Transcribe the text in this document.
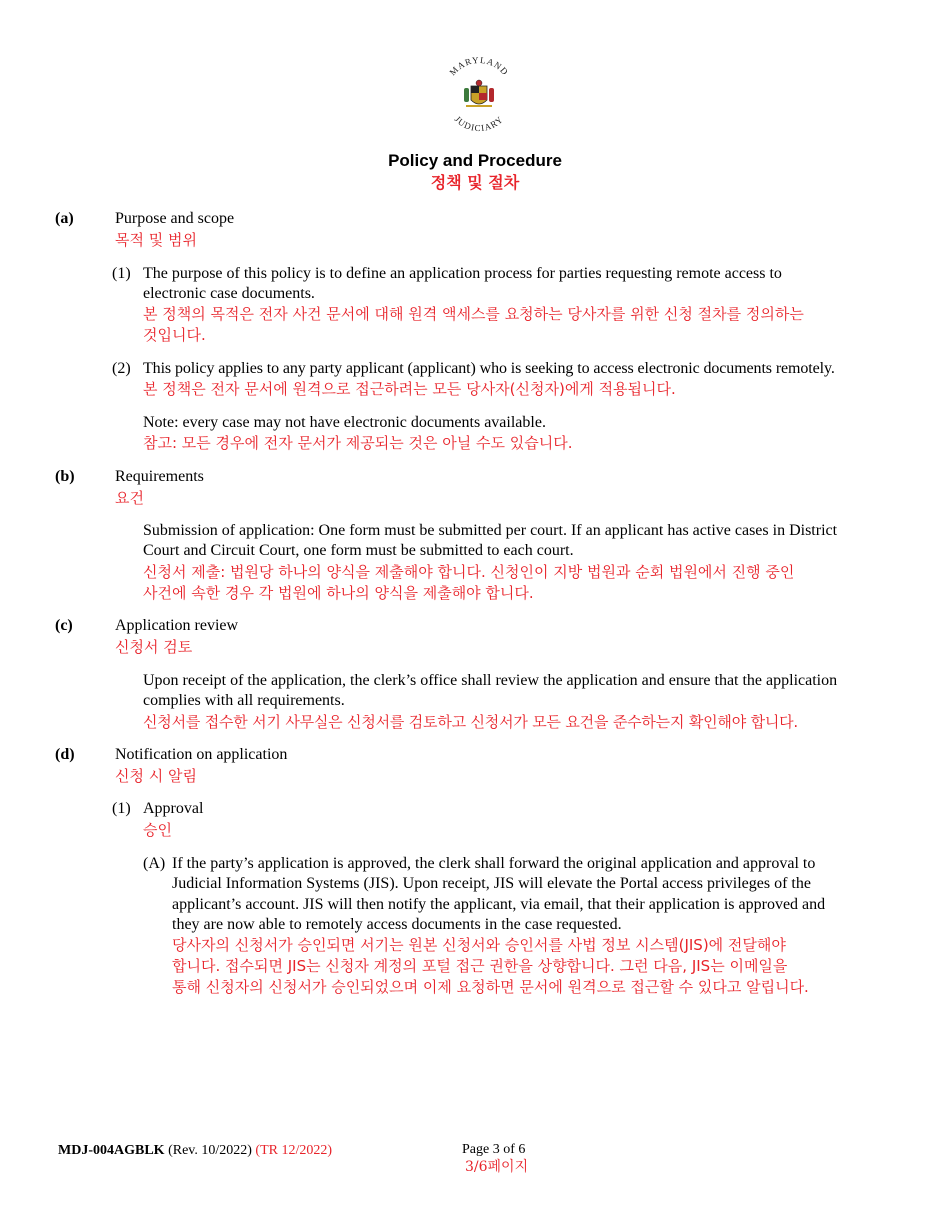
MARYLAND
JUDICIARY
Policy and Procedure
정책 및 절차
(a)	Purpose and scope
목적 및 범위
(1) The purpose of this policy is to define an application process for parties requesting remote access to
electronic case documents.
본 정책의 목적은 전자 사건 문서에 대해 원격 액세스를 요청하는 당사자를 위한 신청 절차를 정의하는
것입니다.
(2) This policy applies to any party applicant (applicant) who is seeking to access electronic documents remotely.
본 정책은 전자 문서에 원격으로 접근하려는 모든 당사자(신청자)에게 적용됩니다.
Note: every case may not have electronic documents available.
참고: 모든 경우에 전자 문서가 제공되는 것은 아닐 수도 있습니다.
(b)	Requirements
요건
Submission of application: One form must be submitted per court. If an applicant has active cases in District
Court and Circuit Court, one form must be submitted to each court.
신청서 제출: 법원당 하나의 양식을 제출해야 합니다. 신청인이 지방 법원과 순회 법원에서 진행 중인
사건에 속한 경우 각 법원에 하나의 양식을 제출해야 합니다.
(c)	Application review
신청서 검토
Upon receipt of the application, the clerk’s office shall review the application and ensure that the application
complies with all requirements.
신청서를 접수한 서기 사무실은 신청서를 검토하고 신청서가 모든 요건을 준수하는지 확인해야 합니다.
(d)	Notification on application
신청 시 알림
(1) Approval
승인
(A) If the party’s application is approved, the clerk shall forward the original application and approval to
Judicial Information Systems (JIS). Upon receipt, JIS will elevate the Portal access privileges of the
applicant’s account. JIS will then notify the applicant, via email, that their application is approved and
they are now able to remotely access documents in the case requested.
당사자의 신청서가 승인되면 서기는 원본 신청서와 승인서를 사법 정보 시스템(JIS)에 전달해야
합니다. 접수되면 JIS는 신청자 계정의 포털 접근 권한을 상향합니다. 그런 다음, JIS는 이메일을
통해 신청자의 신청서가 승인되었으며 이제 요청하면 문서에 원격으로 접근할 수 있다고 알립니다.
MDJ-004AGBLK (Rev. 10/2022) (TR 12/2022)	Page 3 of 6
3/6페이지
